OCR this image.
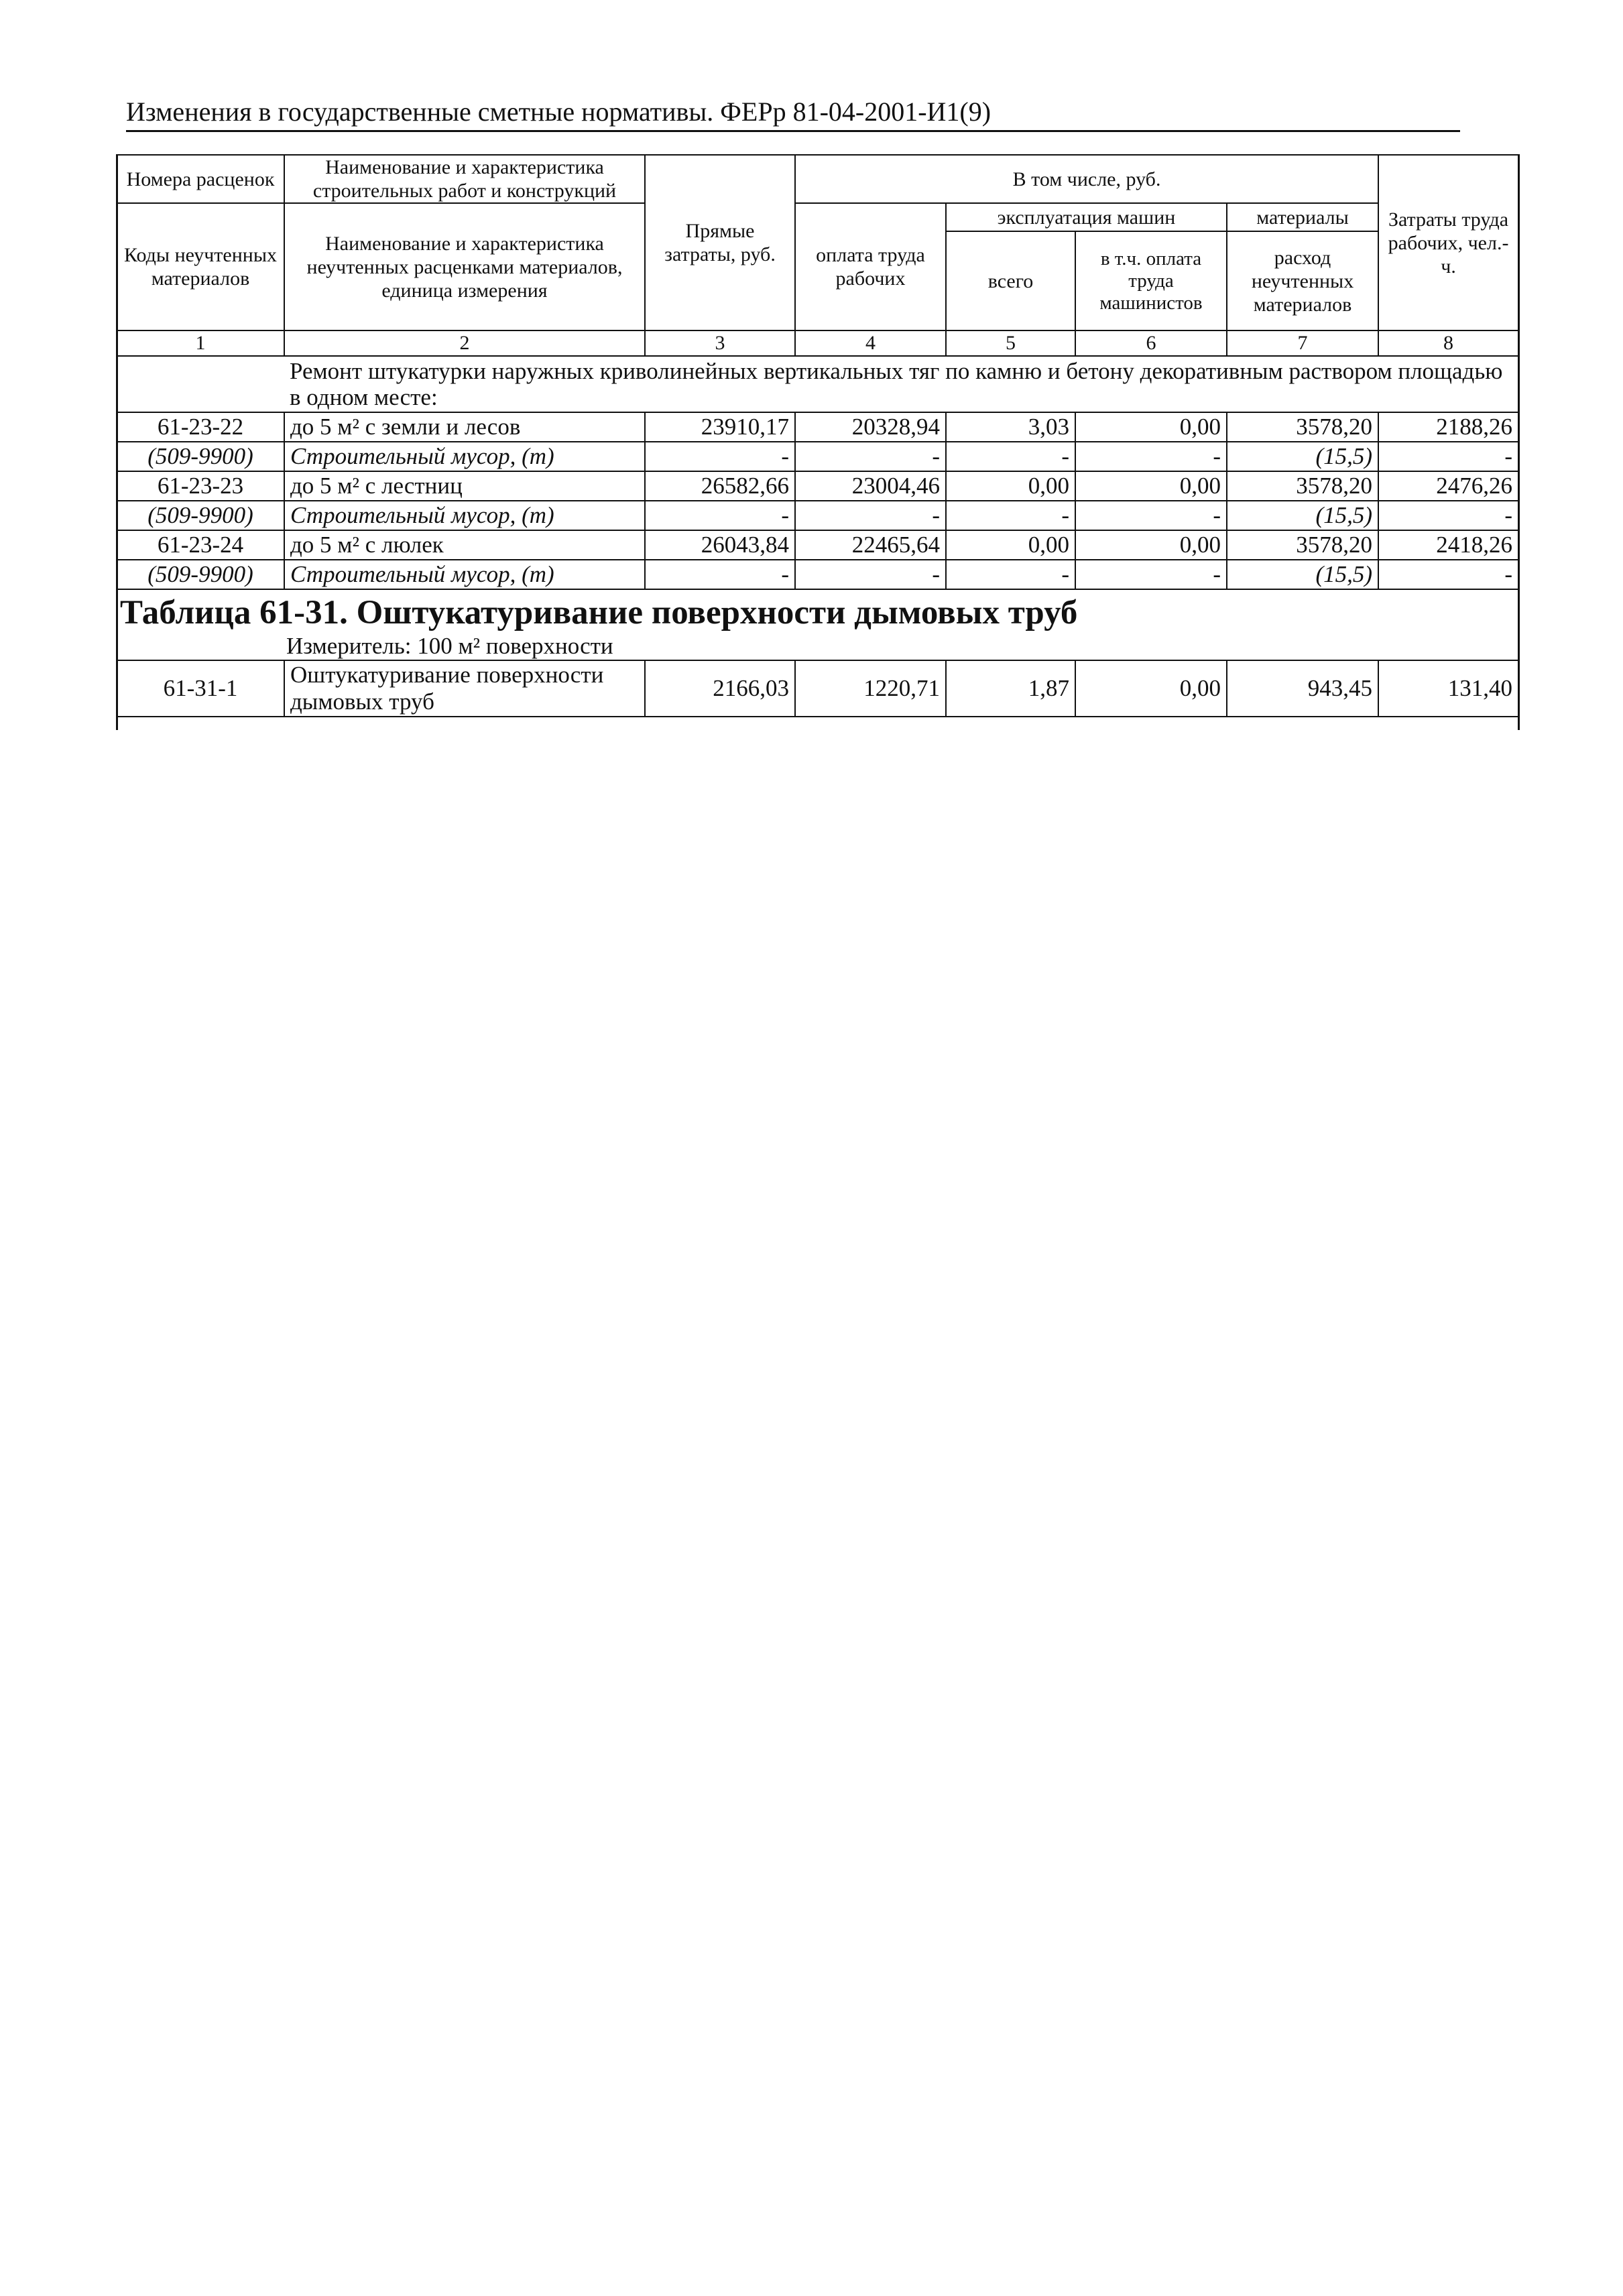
Изменения в государственные сметные нормативы. ФЕРр 81-04-2001-И1(9)
Номера расценок	Наименование и характеристика строительных работ и конструкций	Прямые затраты, руб.	В том числе, руб.				Затраты труда рабочих, чел.-ч.
Коды неучтенных материалов	Наименование и характеристика неучтенных расценками материалов, единица измерения		оплата труда рабочих	эксплуатация машин		материалы	
				всего	в т.ч. оплата труда машинистов	расход неучтенных материалов	
1	2	3	4	5	6	7	8
	Ремонт штукатурки наружных криволинейных вертикальных тяг по камню и бетону декоративным раствором площадью в одном месте:						
61-23-22	до 5 м² с земли и лесов	23910,17	20328,94	3,03	0,00	3578,20	2188,26
(509-9900)	Строительный мусор, (т)	-	-	-	-	(15,5)	-
61-23-23	до 5 м² с лестниц	26582,66	23004,46	0,00	0,00	3578,20	2476,26
(509-9900)	Строительный мусор, (т)	-	-	-	-	(15,5)	-
61-23-24	до 5 м² с люлек	26043,84	22465,64	0,00	0,00	3578,20	2418,26
(509-9900)	Строительный мусор, (т)	-	-	-	-	(15,5)	-

Таблица 61-31. Оштукатуривание поверхности дымовых труб
Измеритель: 100 м² поверхности							

61-31-1	Оштукатуривание поверхности дымовых труб	2166,03	1220,71	1,87	0,00	943,45	131,40
